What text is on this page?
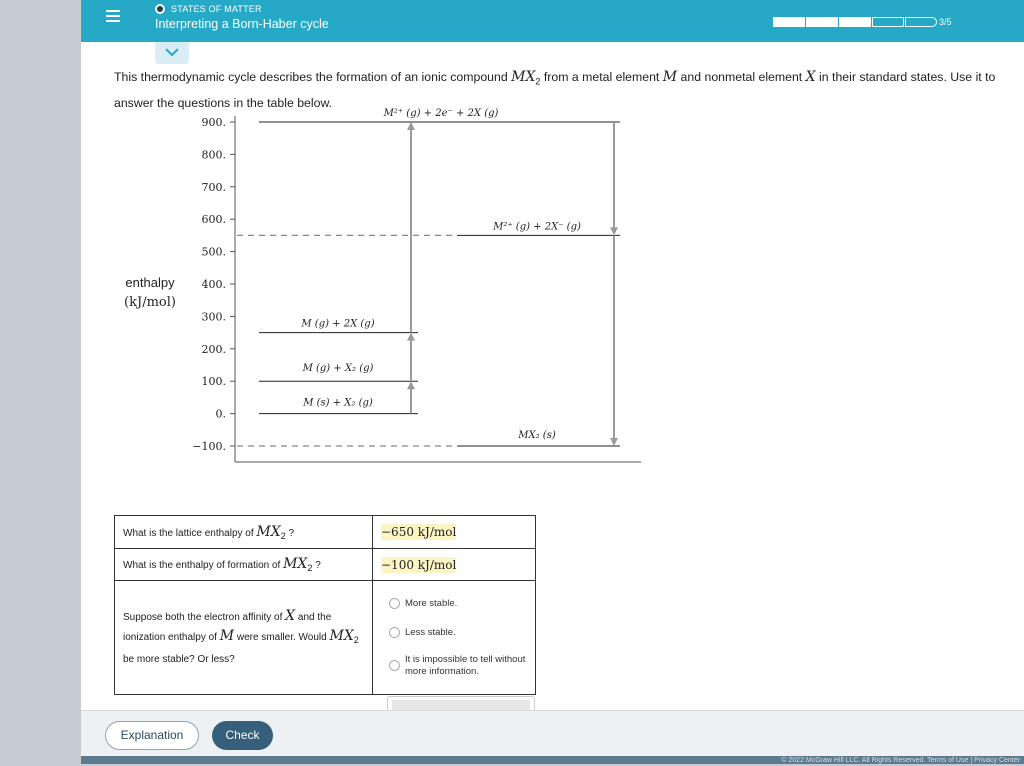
STATES OF MATTER
Interpreting a Born-Haber cycle	3/5
This thermodynamic cycle describes the formation of an ionic compound $MX_2$ from a metal element M and nonmetal element X in their standard states. Use it to answer the questions in the table below.
enthalpy
(kJ/mol)
900.
800.
700.
600.
500.
400.
300.
200.
100.
0.
−100.
M²⁺ (g) + 2e⁻ + 2X (g)
M²⁺ (g) + 2X⁻ (g)
M (g) + 2X (g)
M (g) + X₂ (g)
M (s) + X₂ (g)
MX₂ (s)
What is the lattice enthalpy of $MX_2$ ?	−650 kJ/mol
What is the enthalpy of formation of $MX_2$ ?	−100 kJ/mol
Suppose both the electron affinity of X and the ionization enthalpy of M were smaller. Would $MX_2$ be more stable? Or less?	More stable.
Less stable.
It is impossible to tell without more information.
Explanation	Check
© 2022 McGraw Hill LLC. All Rights Reserved. Terms of Use | Privacy Center
